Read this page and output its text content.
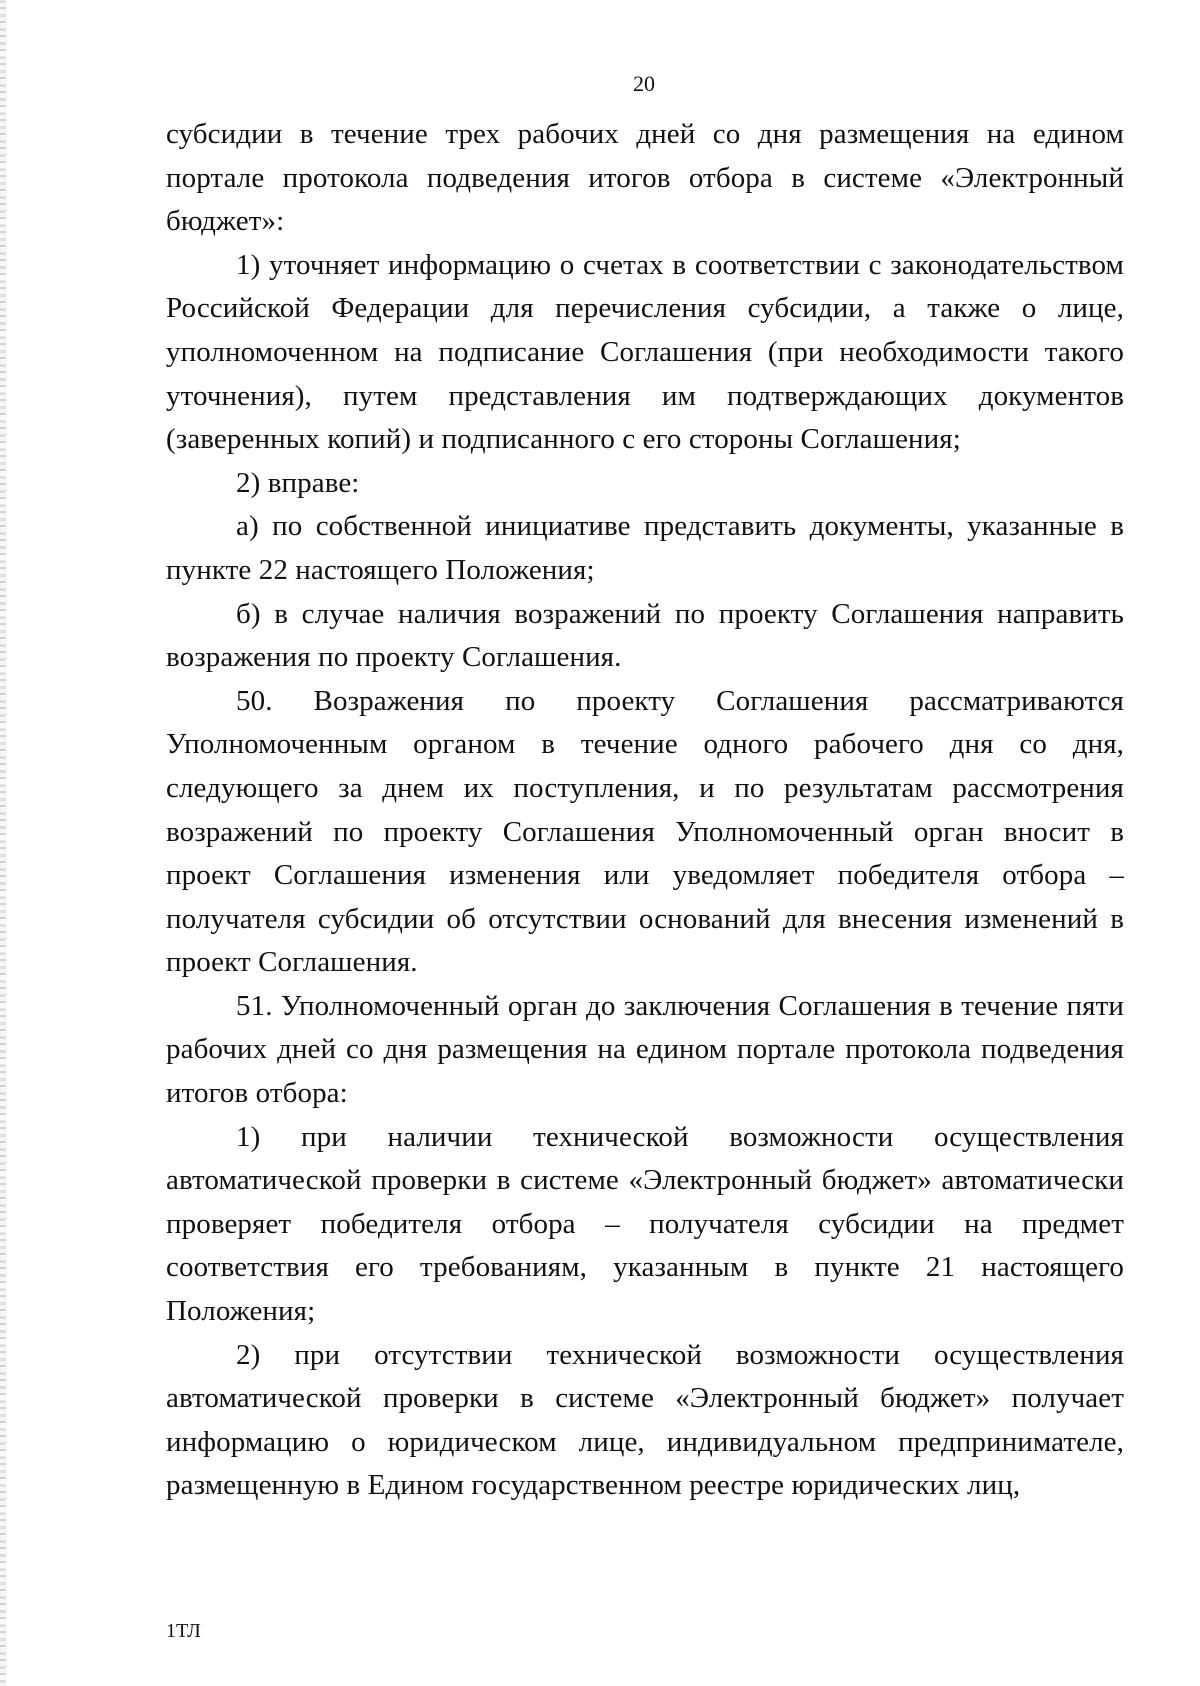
20

субсидии в течение трех рабочих дней со дня размещения на едином портале протокола подведения итогов отбора в системе «Электронный бюджет»:

1) уточняет информацию о счетах в соответствии с законодательством Российской Федерации для перечисления субсидии, а также о лице, уполномоченном на подписание Соглашения (при необходимости такого уточнения), путем представления им подтверждающих документов (заверенных копий) и подписанного с его стороны Соглашения;

2) вправе:

а) по собственной инициативе представить документы, указанные в пункте 22 настоящего Положения;

б) в случае наличия возражений по проекту Соглашения направить возражения по проекту Соглашения.

50. Возражения по проекту Соглашения рассматриваются Уполномоченным органом в течение одного рабочего дня со дня, следующего за днем их поступления, и по результатам рассмотрения возражений по проекту Соглашения Уполномоченный орган вносит в проект Соглашения изменения или уведомляет победителя отбора – получателя субсидии об отсутствии оснований для внесения изменений в проект Соглашения.

51. Уполномоченный орган до заключения Соглашения в течение пяти рабочих дней со дня размещения на едином портале протокола подведения итогов отбора:

1) при наличии технической возможности осуществления автоматической проверки в системе «Электронный бюджет» автоматически проверяет победителя отбора – получателя субсидии на предмет соответствия его требованиям, указанным в пункте 21 настоящего Положения;

2) при отсутствии технической возможности осуществления автоматической проверки в системе «Электронный бюджет» получает информацию о юридическом лице, индивидуальном предпринимателе, размещенную в Едином государственном реестре юридических лиц,

1ТЛ
